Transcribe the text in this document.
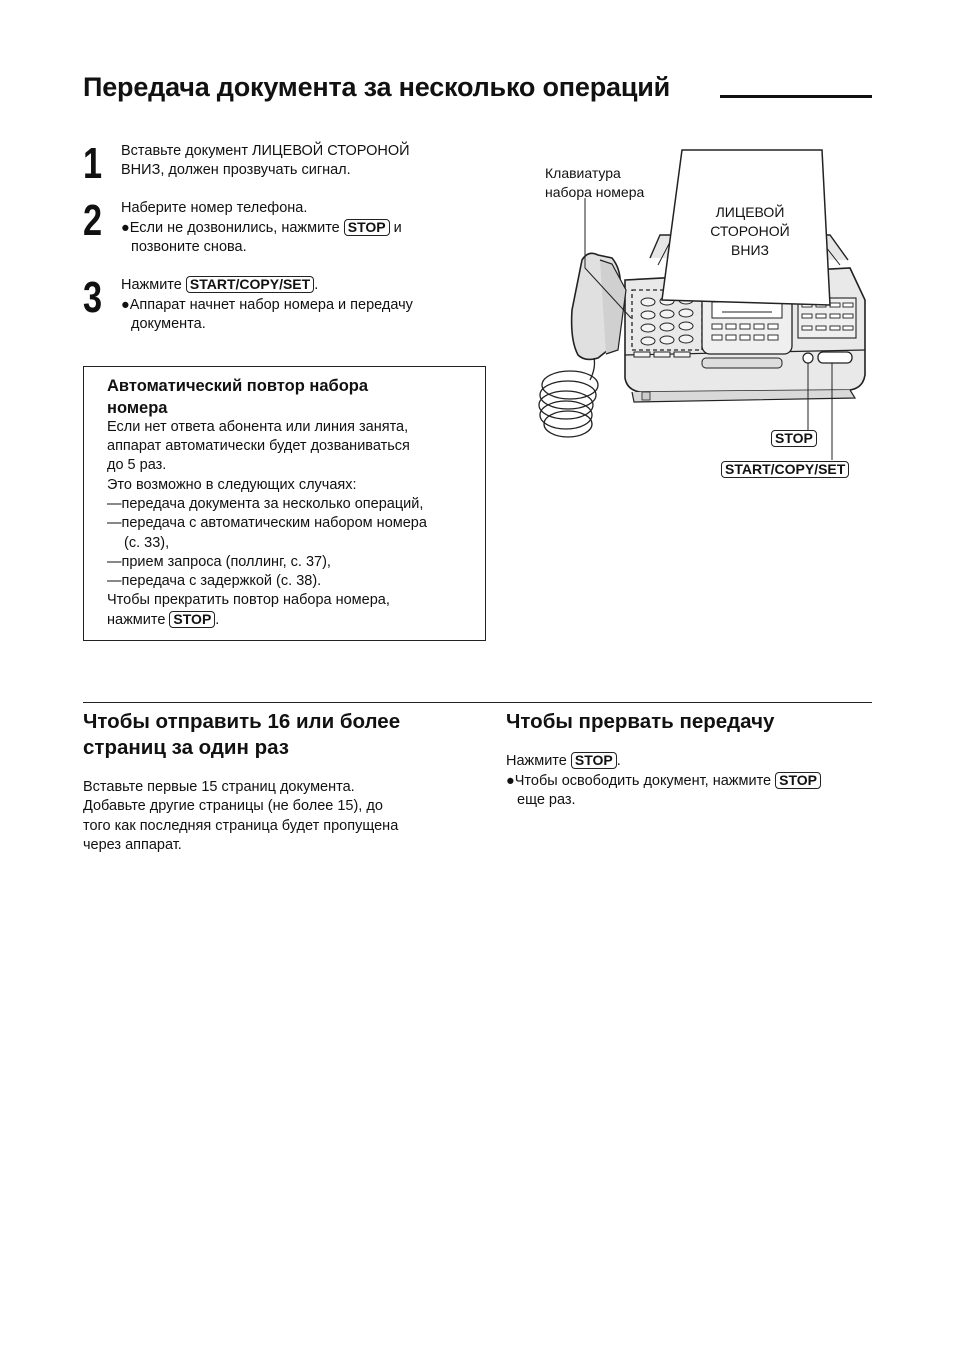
Передача документа за несколько операций
1 Вставьте документ ЛИЦЕВОЙ СТОРОНОЙ
ВНИЗ, должен прозвучать сигнал.
2 Наберите номер телефона.
●Если не дозвонились, нажмите STOP и
позвоните снова.
3 Нажмите START/COPY/SET .
●Аппарат начнет набор номера и передачу
документа.
Автоматический повтор набора
номера
Если нет ответа абонента или линия занята,
аппарат автоматически будет дозваниваться
до 5 раз.
Это возможно в следующих случаях:
—передача документа за несколько операций,
—передача с автоматическим набором номера
(с. 33),
—прием запроса (поллинг, с. 37),
—передача с задержкой (с. 38).
Чтобы прекратить повтор набора номера,
нажмите STOP .
Клавиатура
набора номера
ЛИЦЕВОЙ
СТОРОНОЙ
ВНИЗ
STOP
START/COPY/SET
Чтобы отправить 16 или более
страниц за один раз
Вставьте первые 15 страниц документа.
Добавьте другие страницы (не более 15), до
того как последняя страница будет пропущена
через аппарат.
Чтобы прервать передачу
Нажмите STOP .
●Чтобы освободить документ, нажмите STOP
еще раз.
